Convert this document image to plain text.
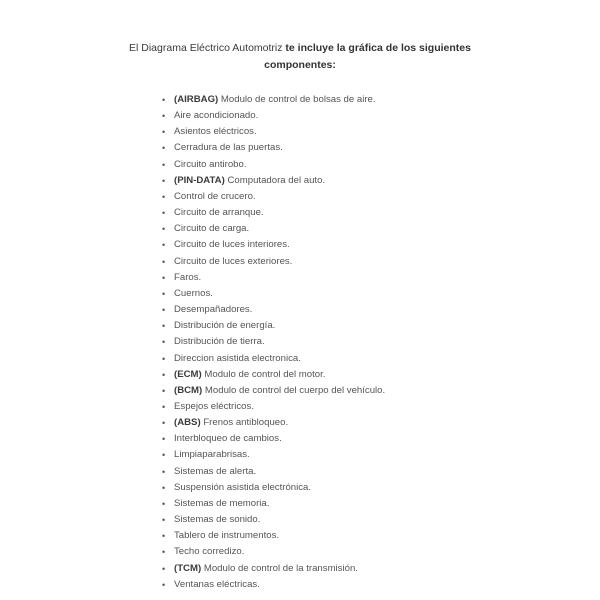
El Diagrama Eléctrico Automotriz te incluye la gráfica de los siguientes componentes:

• (AIRBAG) Modulo de control de bolsas de aire.
• Aire acondicionado.
• Asientos eléctricos.
• Cerradura de las puertas.
• Circuito antirobo.
• (PIN-DATA) Computadora del auto.
• Control de crucero.
• Circuito de arranque.
• Circuito de carga.
• Circuito de luces interiores.
• Circuito de luces exteriores.
• Faros.
• Cuernos.
• Desempañadores.
• Distribución de energía.
• Distribución de tierra.
• Direccion asistida electronica.
• (ECM) Modulo de control del motor.
• (BCM) Modulo de control del cuerpo del vehículo.
• Espejos eléctricos.
• (ABS) Frenos antibloqueo.
• Interbloqueo de cambios.
• Limpiaparabrisas.
• Sistemas de alerta.
• Suspensión asistida electrónica.
• Sistemas de memoria.
• Sistemas de sonido.
• Tablero de instrumentos.
• Techo corredizo.
• (TCM) Modulo de control de la transmisión.
• Ventanas eléctricas.
